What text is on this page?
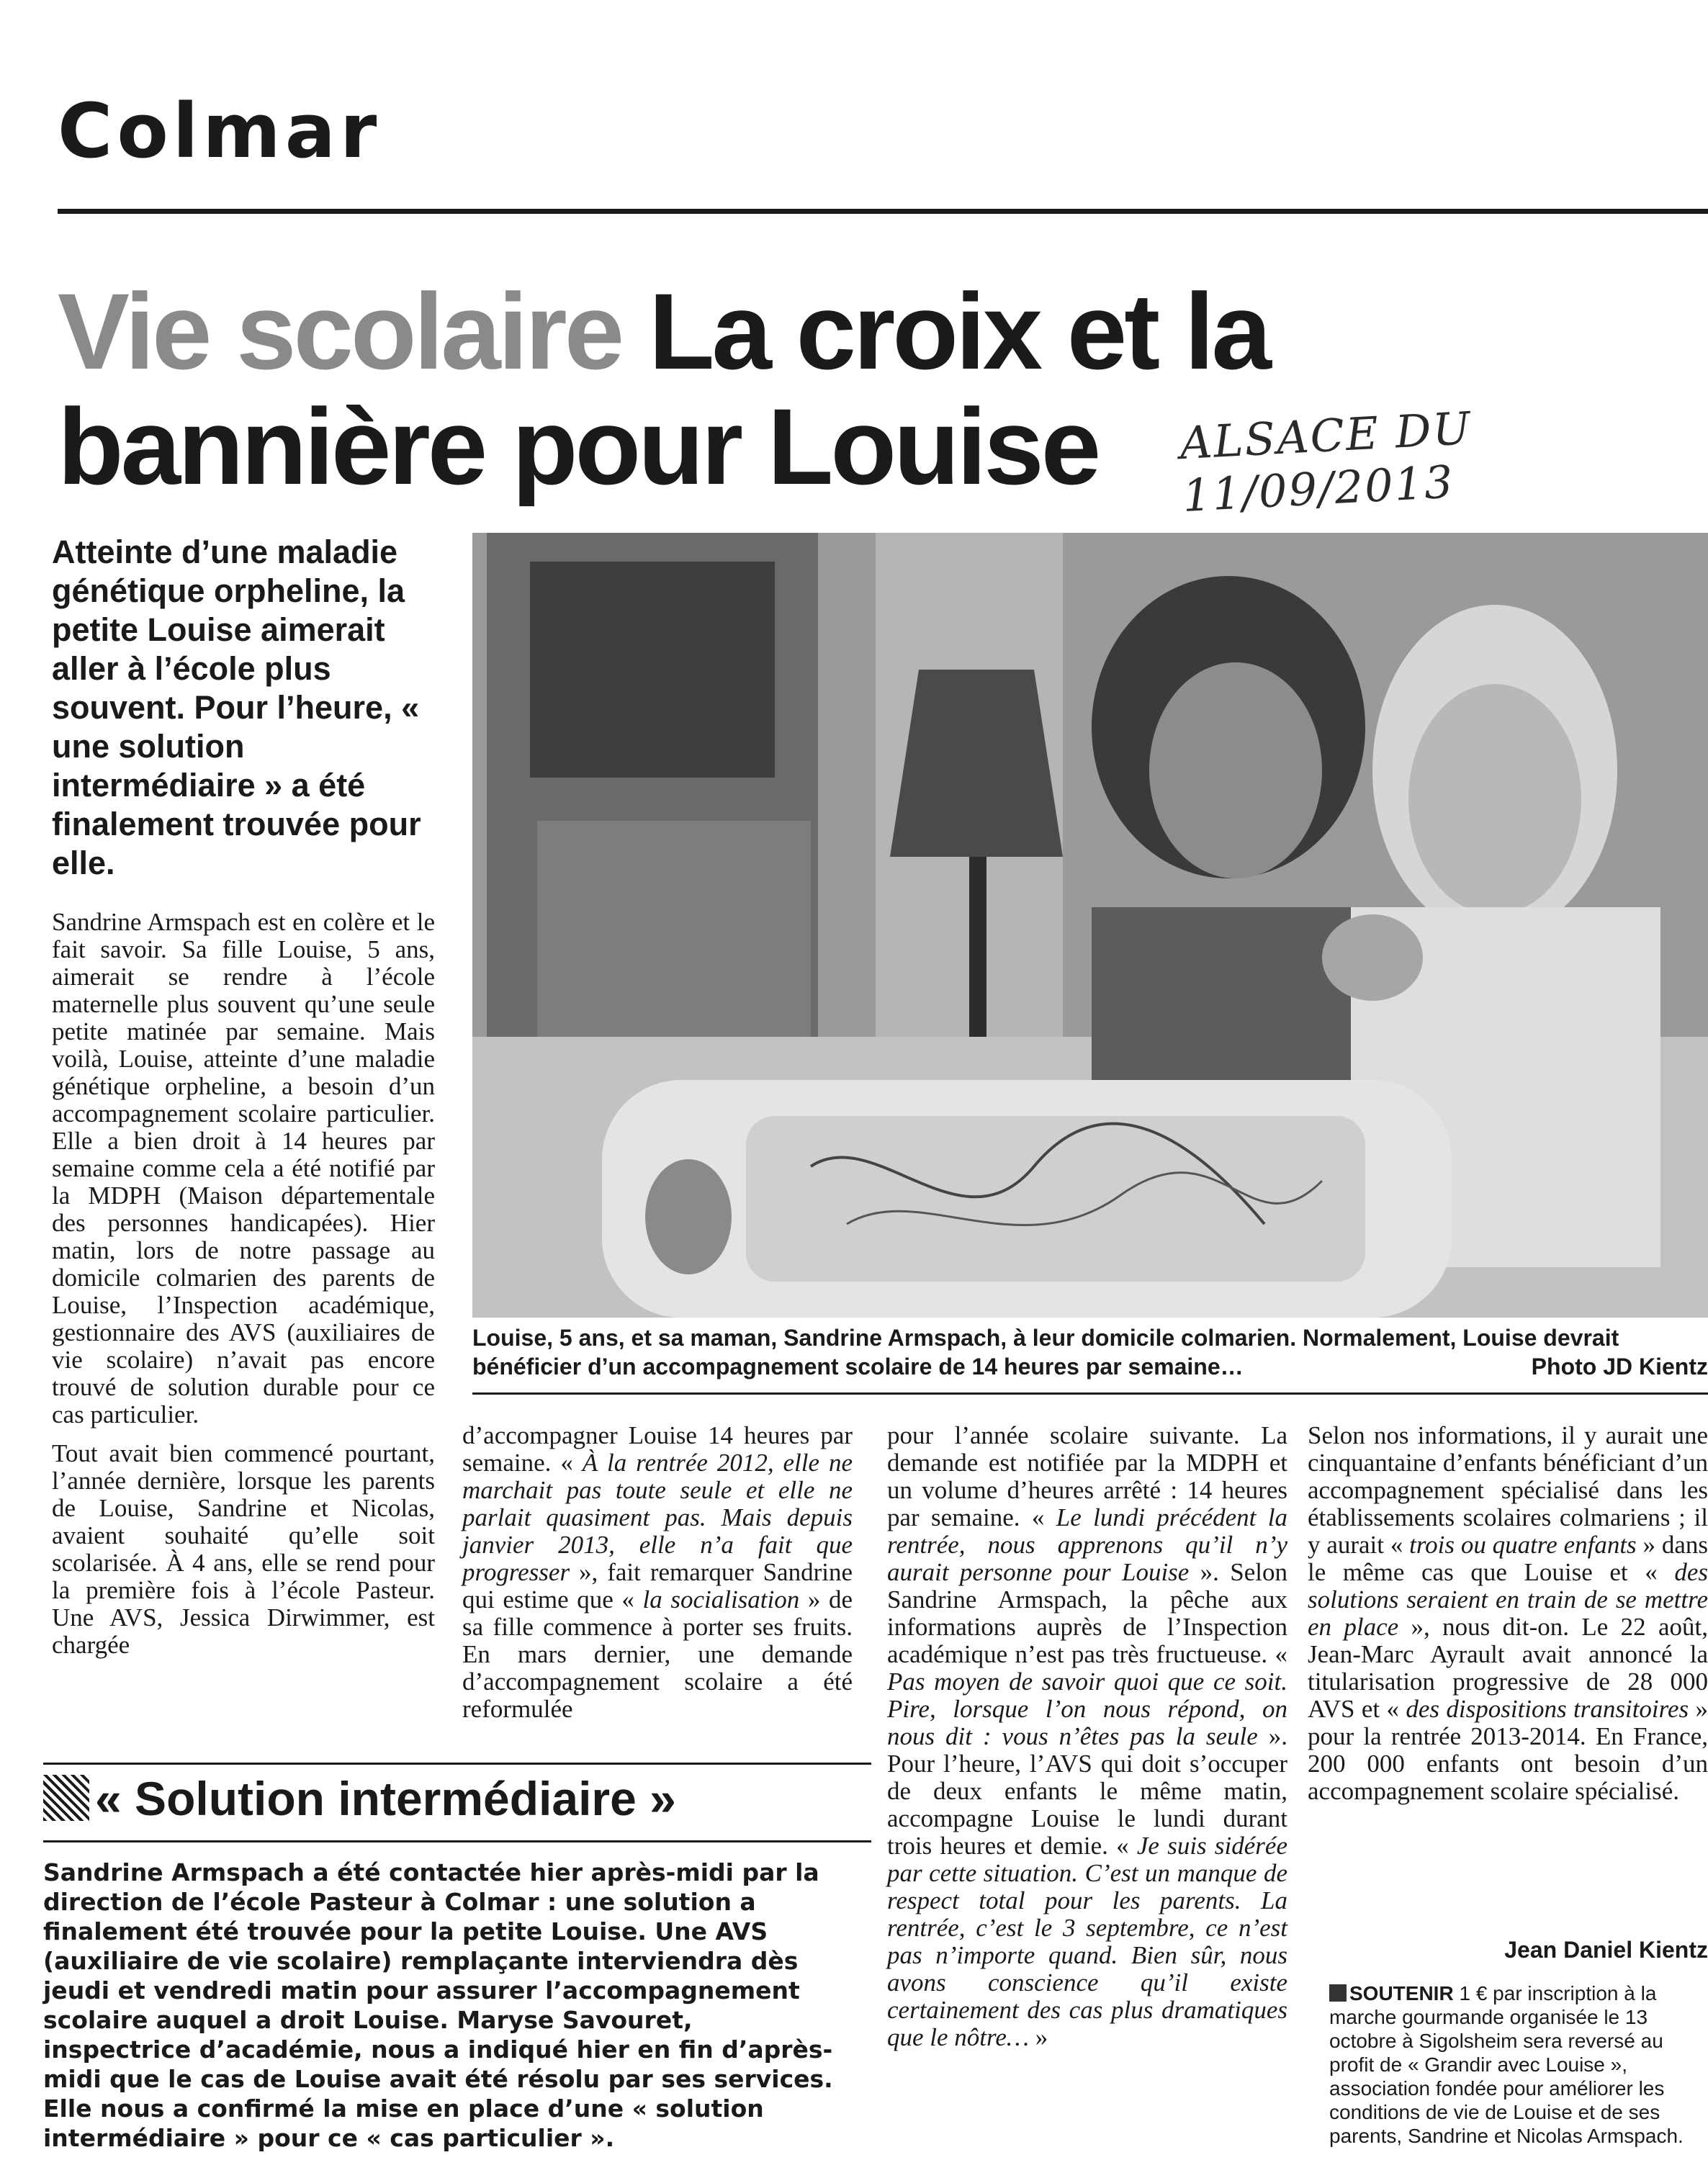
Colmar
Vie scolaire La croix et la bannière pour Louise	ALSACE DU 11/09/2013

Atteinte d’une maladie génétique orpheline, la petite Louise aimerait aller à l’école plus souvent. Pour l’heure, « une solution intermédiaire » a été finalement trouvée pour elle.

Louise, 5 ans, et sa maman, Sandrine Armspach, à leur domicile colmarien. Normalement, Louise devrait bénéficier d’un accompagnement scolaire de 14 heures par semaine…	Photo JD Kientz

Sandrine Armspach est en colère et le fait savoir. Sa fille Louise, 5 ans, aimerait se rendre à l’école maternelle plus souvent qu’une seule petite matinée par semaine. Mais voilà, Louise, atteinte d’une maladie génétique orpheline, a besoin d’un accompagnement scolaire particulier. Elle a bien droit à 14 heures par semaine comme cela a été notifié par la MDPH (Maison départementale des personnes handicapées). Hier matin, lors de notre passage au domicile colmarien des parents de Louise, l’Inspection académique, gestionnaire des AVS (auxiliaires de vie scolaire) n’avait pas encore trouvé de solution durable pour ce cas particulier.

Tout avait bien commencé pourtant, l’année dernière, lorsque les parents de Louise, Sandrine et Nicolas, avaient souhaité qu’elle soit scolarisée. À 4 ans, elle se rend pour la première fois à l’école Pasteur. Une AVS, Jessica Dirwimmer, est chargée

d’accompagner Louise 14 heures par semaine. « À la rentrée 2012, elle ne marchait pas toute seule et elle ne parlait quasiment pas. Mais depuis janvier 2013, elle n’a fait que progresser », fait remarquer Sandrine qui estime que « la socialisation » de sa fille commence à porter ses fruits. En mars dernier, une demande d’accompagnement scolaire a été reformulée

pour l’année scolaire suivante. La demande est notifiée par la MDPH et un volume d’heures arrêté : 14 heures par semaine. « Le lundi précédent la rentrée, nous apprenons qu’il n’y aurait personne pour Louise ». Selon Sandrine Armspach, la pêche aux informations auprès de l’Inspection académique n’est pas très fructueuse. « Pas moyen de savoir quoi que ce soit. Pire, lorsque l’on nous répond, on nous dit : vous n’êtes pas la seule ». Pour l’heure, l’AVS qui doit s’occuper de deux enfants le même matin, accompagne Louise le lundi durant trois heures et demie. « Je suis sidérée par cette situation. C’est un manque de respect total pour les parents. La rentrée, c’est le 3 septembre, ce n’est pas n’importe quand. Bien sûr, nous avons conscience qu’il existe certainement des cas plus dramatiques que le nôtre… »

Selon nos informations, il y aurait une cinquantaine d’enfants bénéficiant d’un accompagnement spécialisé dans les établissements scolaires colmariens ; il y aurait « trois ou quatre enfants » dans le même cas que Louise et « des solutions seraient en train de se mettre en place », nous dit-on. Le 22 août, Jean-Marc Ayrault avait annoncé la titularisation progressive de 28 000 AVS et « des dispositions transitoires » pour la rentrée 2013-2014. En France, 200 000 enfants ont besoin d’un accompagnement scolaire spécialisé.

Jean Daniel Kientz

SOUTENIR 1 € par inscription à la marche gourmande organisée le 13 octobre à Sigolsheim sera reversé au profit de « Grandir avec Louise », association fondée pour améliorer les conditions de vie de Louise et de ses parents, Sandrine et Nicolas Armspach.

« Solution intermédiaire »

Sandrine Armspach a été contactée hier après-midi par la direction de l’école Pasteur à Colmar : une solution a finalement été trouvée pour la petite Louise. Une AVS (auxiliaire de vie scolaire) remplaçante interviendra dès jeudi et vendredi matin pour assurer l’accompagnement scolaire auquel a droit Louise. Maryse Savouret, inspectrice d’académie, nous a indiqué hier en fin d’après-midi que le cas de Louise avait été résolu par ses services. Elle nous a confirmé la mise en place d’une « solution intermédiaire » pour ce « cas particulier ».
